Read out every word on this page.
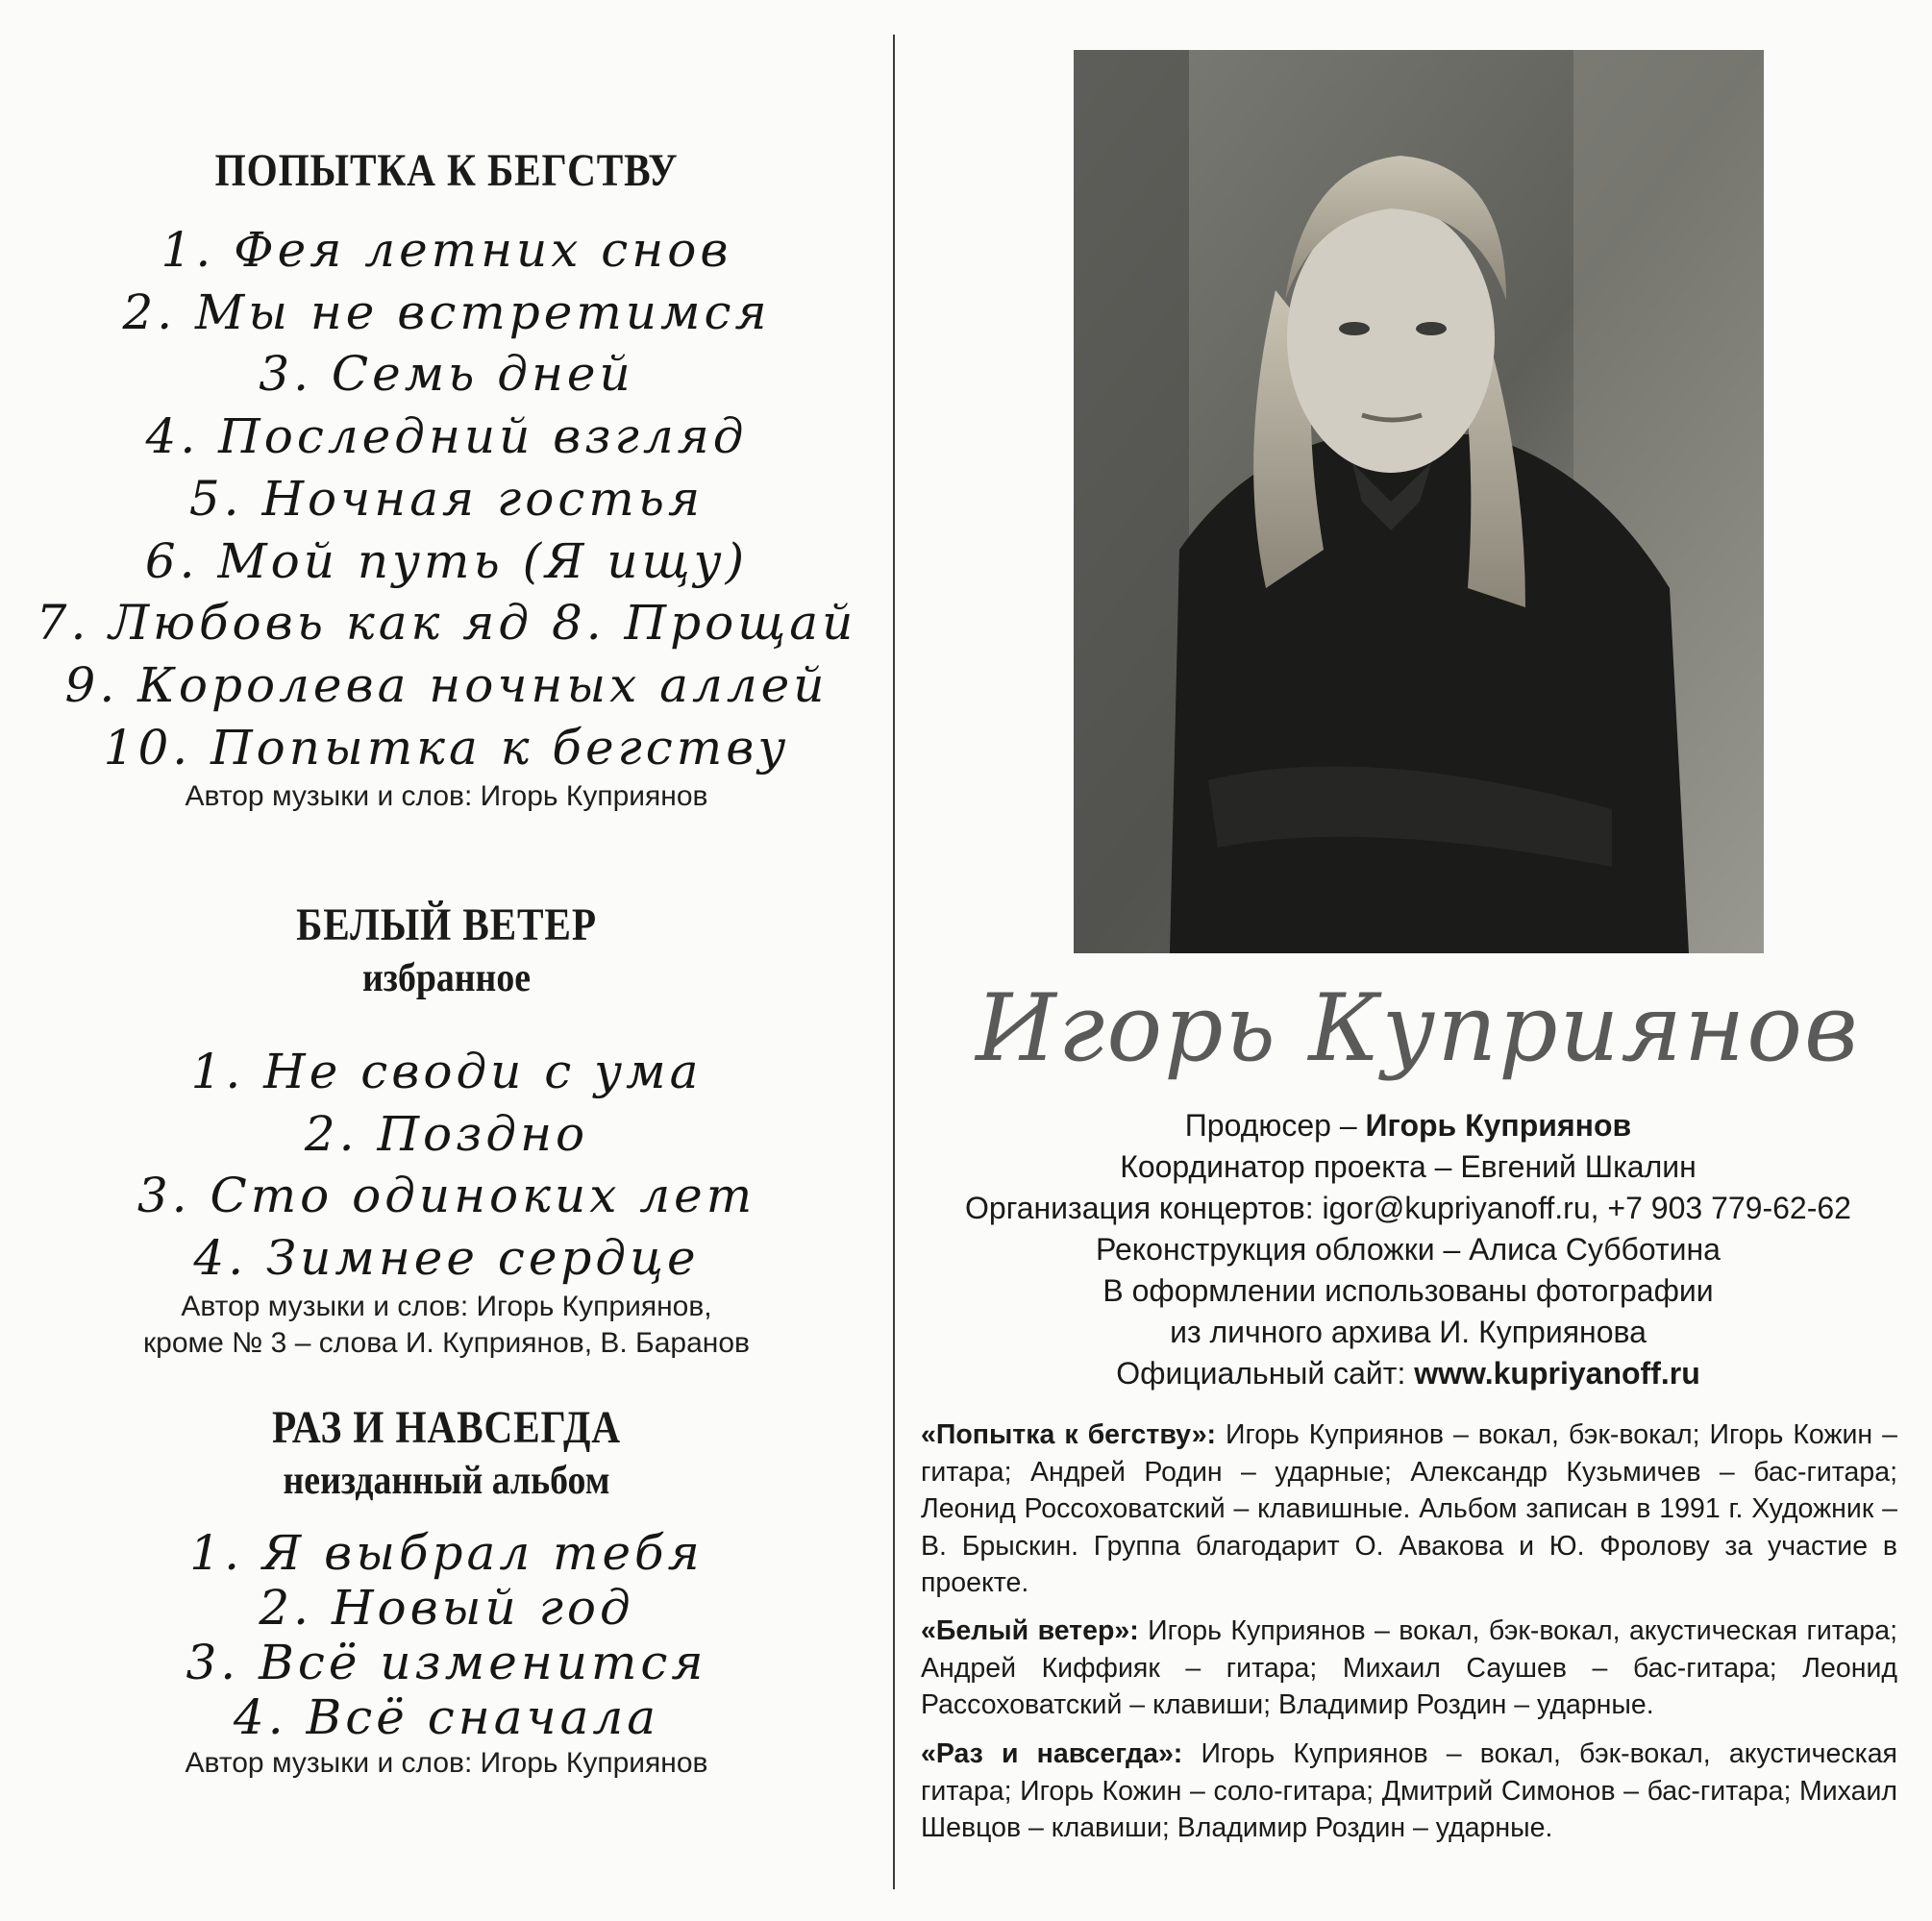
ПОПЫТКА К БЕГСТВУ
1. Фея летних снов
2. Мы не встретимся
3. Семь дней
4. Последний взгляд
5. Ночная гостья
6. Мой путь (Я ищу)
7. Любовь как яд 8. Прощай
9. Королева ночных аллей
10. Попытка к бегству
Автор музыки и слов: Игорь Куприянов
БЕЛЫЙ ВЕТЕР
избранное
1. Не своди с ума
2. Поздно
3. Сто одиноких лет
4. Зимнее сердце
Автор музыки и слов: Игорь Куприянов,
кроме № 3 – слова И. Куприянов, В. Баранов
РАЗ И НАВСЕГДА
неизданный альбом
1. Я выбрал тебя
2. Новый год
3. Всё изменится
4. Всё сначала
Автор музыки и слов: Игорь Куприянов
Игорь Куприянов
Продюсер – Игорь Куприянов
Координатор проекта – Евгений Шкалин
Организация концертов: igor@kupriyanoff.ru, +7 903 779-62-62
Реконструкция обложки – Алиса Субботина
В оформлении использованы фотографии
из личного архива И. Куприянова
Официальный сайт: www.kupriyanoff.ru

«Попытка к бегству»: Игорь Куприянов – вокал, бэк-вокал; Игорь Кожин – гитара; Андрей Родин – ударные; Александр Кузьмичев – бас-гитара; Леонид Россоховатский – клавишные. Альбом записан в 1991 г. Художник – В. Брыскин. Группа благодарит О. Авакова и Ю. Фролову за участие в проекте.

«Белый ветер»: Игорь Куприянов – вокал, бэк-вокал, акустическая гитара; Андрей Киффияк – гитара; Михаил Саушев – бас-гитара; Леонид Рассоховатский – клавиши; Владимир Роздин – ударные.

«Раз и навсегда»: Игорь Куприянов – вокал, бэк-вокал, акустическая гитара; Игорь Кожин – соло-гитара; Дмитрий Симонов – бас-гитара; Михаил Шевцов – клавиши; Владимир Роздин – ударные.
